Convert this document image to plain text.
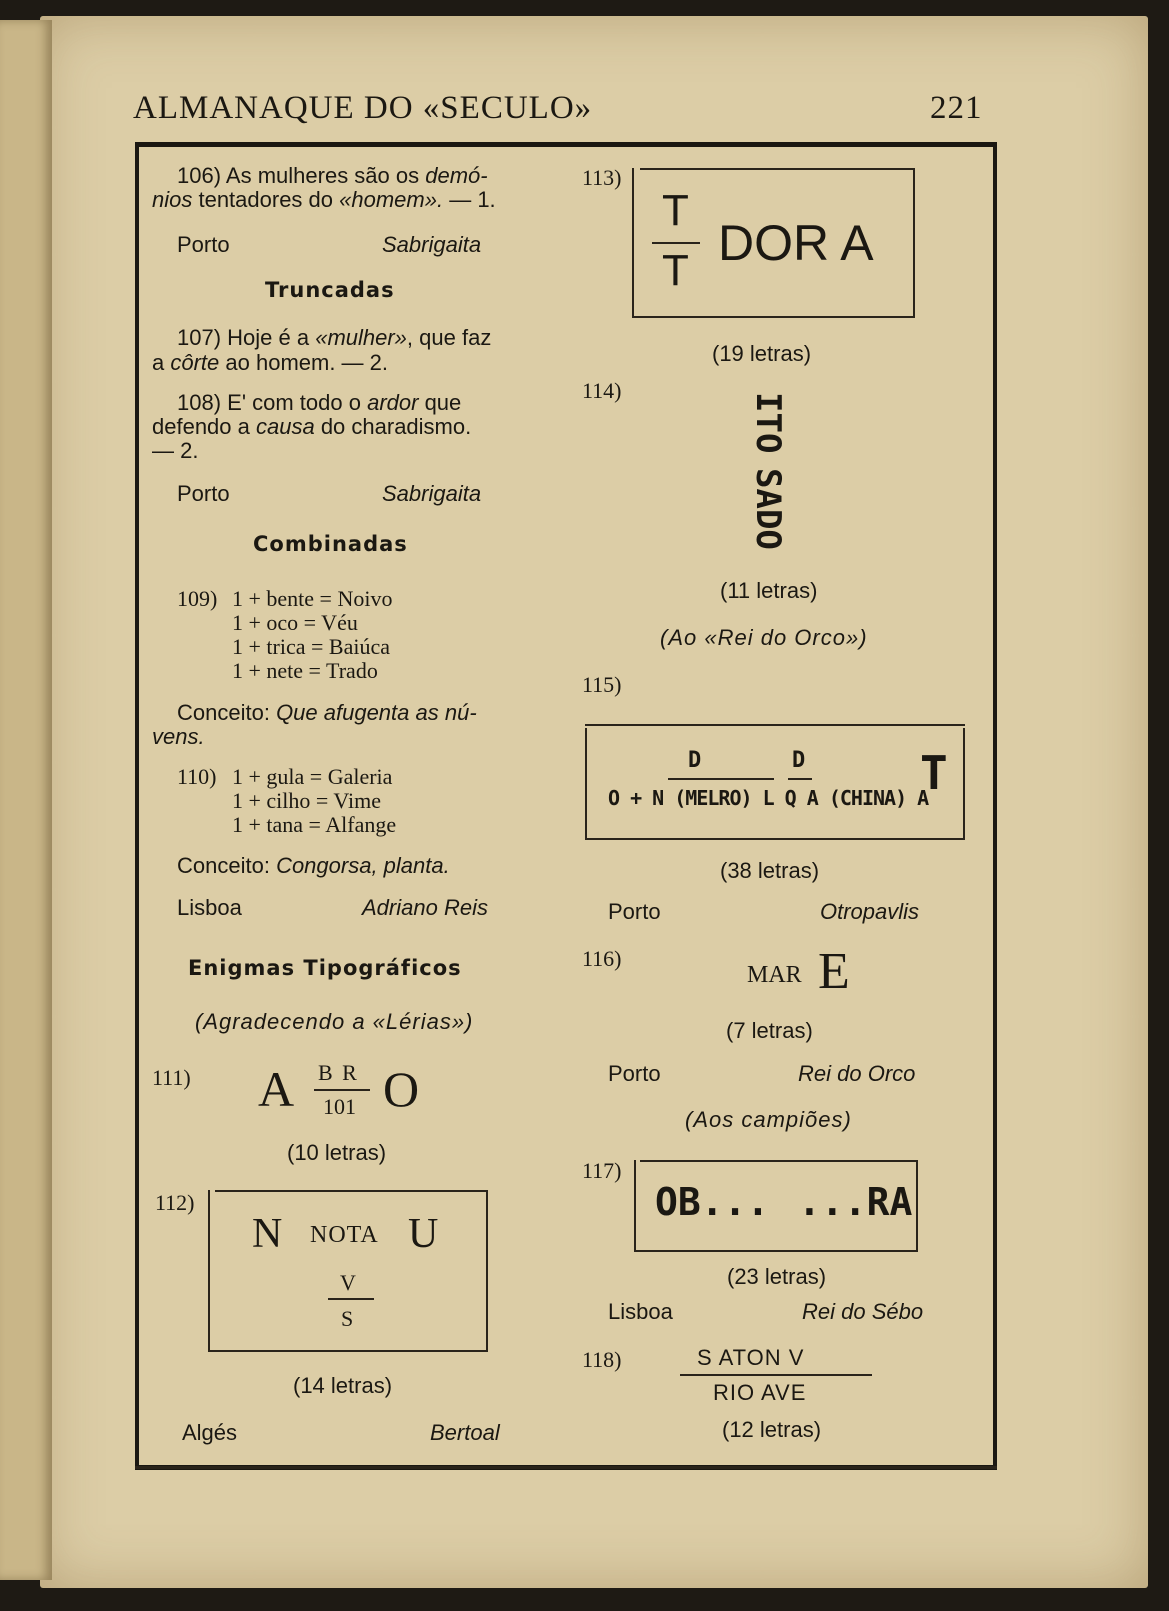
ALMANAQUE DO «SECULO»	221
106) As mulheres são os demó-
nios tentadores do «homem». — 1.
Porto	Sabrigaita
Truncadas
107) Hoje é a «mulher», que faz
a côrte ao homem. — 2.
108) E' com todo o ardor que
defendo a causa do charadismo.
— 2.
Porto	Sabrigaita
Combinadas
109) 1 + bente = Noivo
1 + oco = Véu
1 + trica = Baiúca
1 + nete = Trado
Conceito: Que afugenta as nú-
vens.
110) 1 + gula = Galeria
1 + cilho = Vime
1 + tana = Alfange
Conceito: Congorsa, planta.
Lisboa	Adriano Reis
Enigmas Tipográficos
(Agradecendo a «Lérias»)
111) A B R
101 O
(10 letras)
112)
N NOTA U
V
S
(14 letras)
Algés	Bertoal
113)
T
T DOR A
(19 letras)
114)
ITO
SADO
(11 letras)
(Ao «Rei do Orco»)
115)
D	D
O + N (MELRO) L Q A (CHINA) A
T
(38 letras)
Porto	Otropavlis
116)
MAR E
(7 letras)
Porto	Rei do Orco
(Aos campiões)
117)
OB... ...RA
(23 letras)
Lisboa	Rei do Sébo
118)	S ATON V
RIO AVE
(12 letras)
